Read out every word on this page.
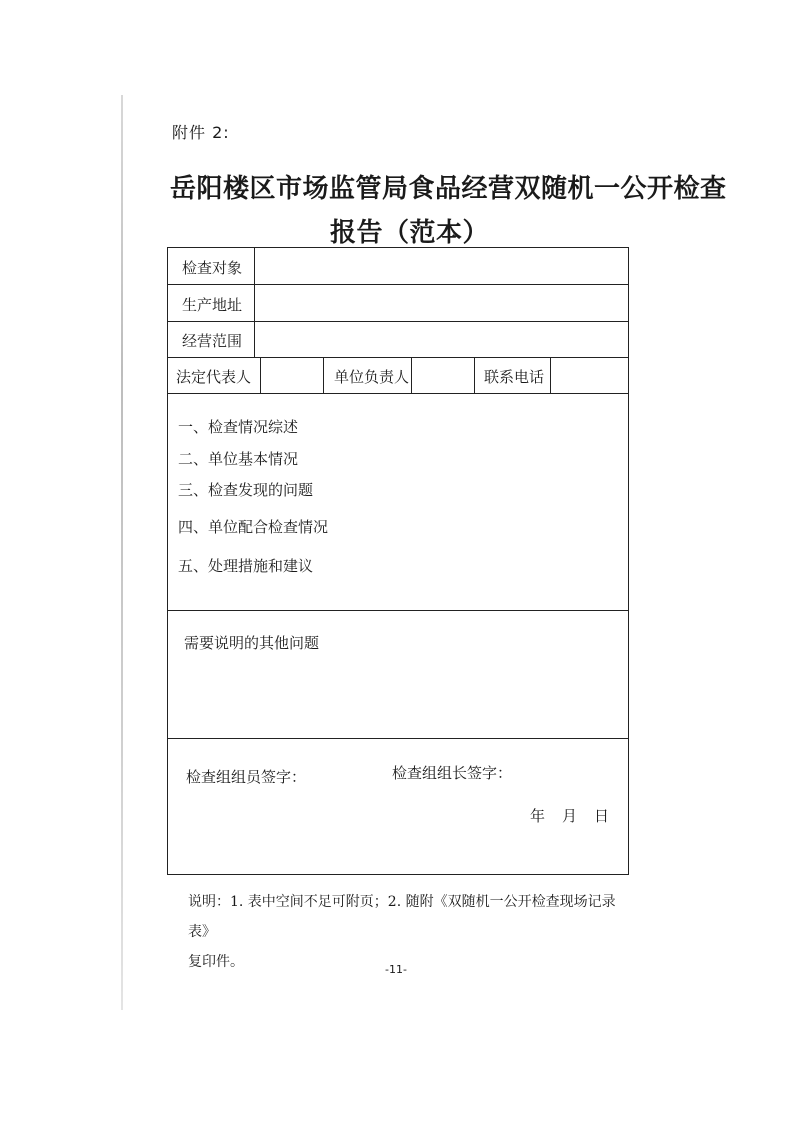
附件 2:
岳阳楼区市场监管局食品经营双随机一公开检查
报告（范本）
检查对象
生产地址
经营范围
法定代表人	单位负责人	联系电话
一、检查情况综述
二、单位基本情况
三、检查发现的问题
四、单位配合检查情况
五、处理措施和建议
需要说明的其他问题
检查组组员签字：	检查组组长签字：
年 月 日
说明：1. 表中空间不足可附页；2. 随附《双随机一公开检查现场记录表》
复印件。	-11-
